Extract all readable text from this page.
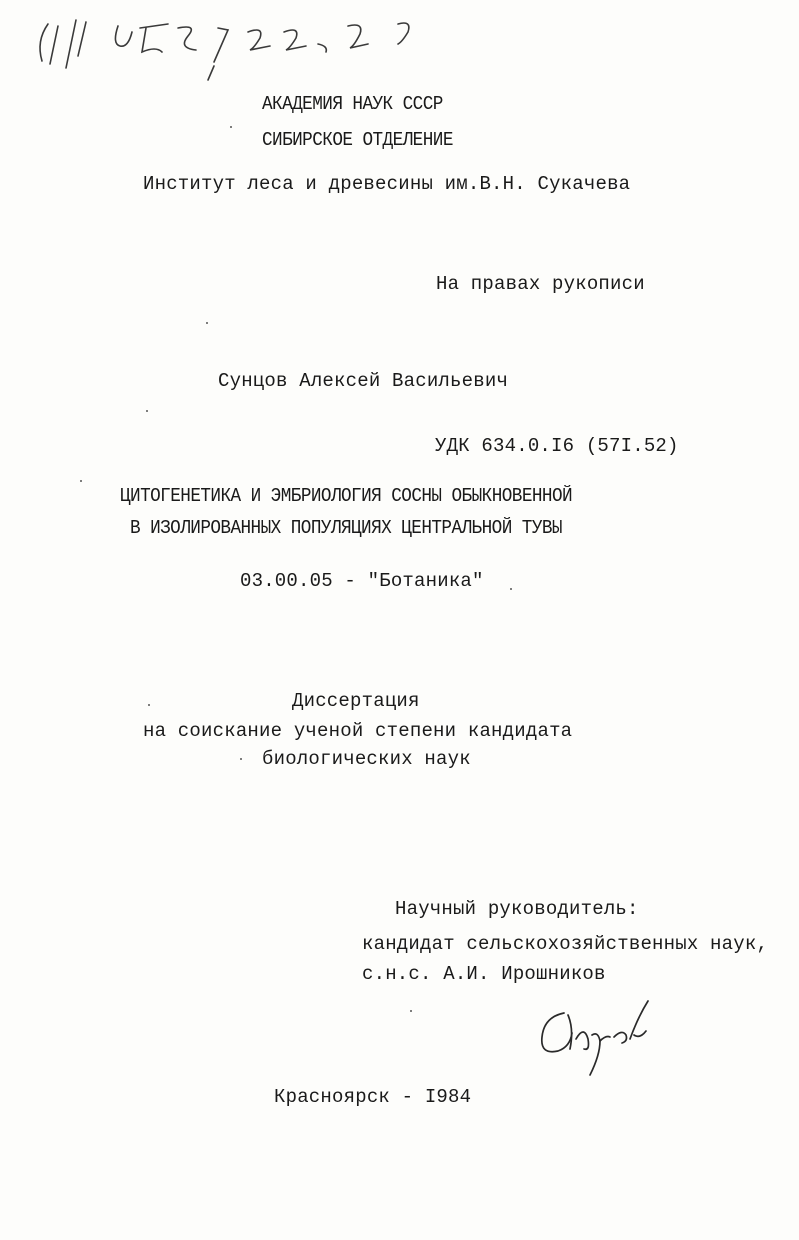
АКАДЕМИЯ НАУК СССР
СИБИРСКОЕ ОТДЕЛЕНИЕ
Институт леса и древесины им.В.Н. Сукачева
На правах рукописи
Сунцов Алексей Васильевич
УДК 634.0.I6 (57I.52)
ЦИТОГЕНЕТИКА И ЭМБРИОЛОГИЯ СОСНЫ ОБЫКНОВЕННОЙ
В ИЗОЛИРОВАННЫХ ПОПУЛЯЦИЯХ ЦЕНТРАЛЬНОЙ ТУВЫ
03.00.05 - "Ботаника"
Диссертация
на соискание ученой степени кандидата
биологических наук
Научный руководитель:
кандидат сельскохозяйственных наук,
с.н.с. А.И. Ирошников
Красноярск - I984
